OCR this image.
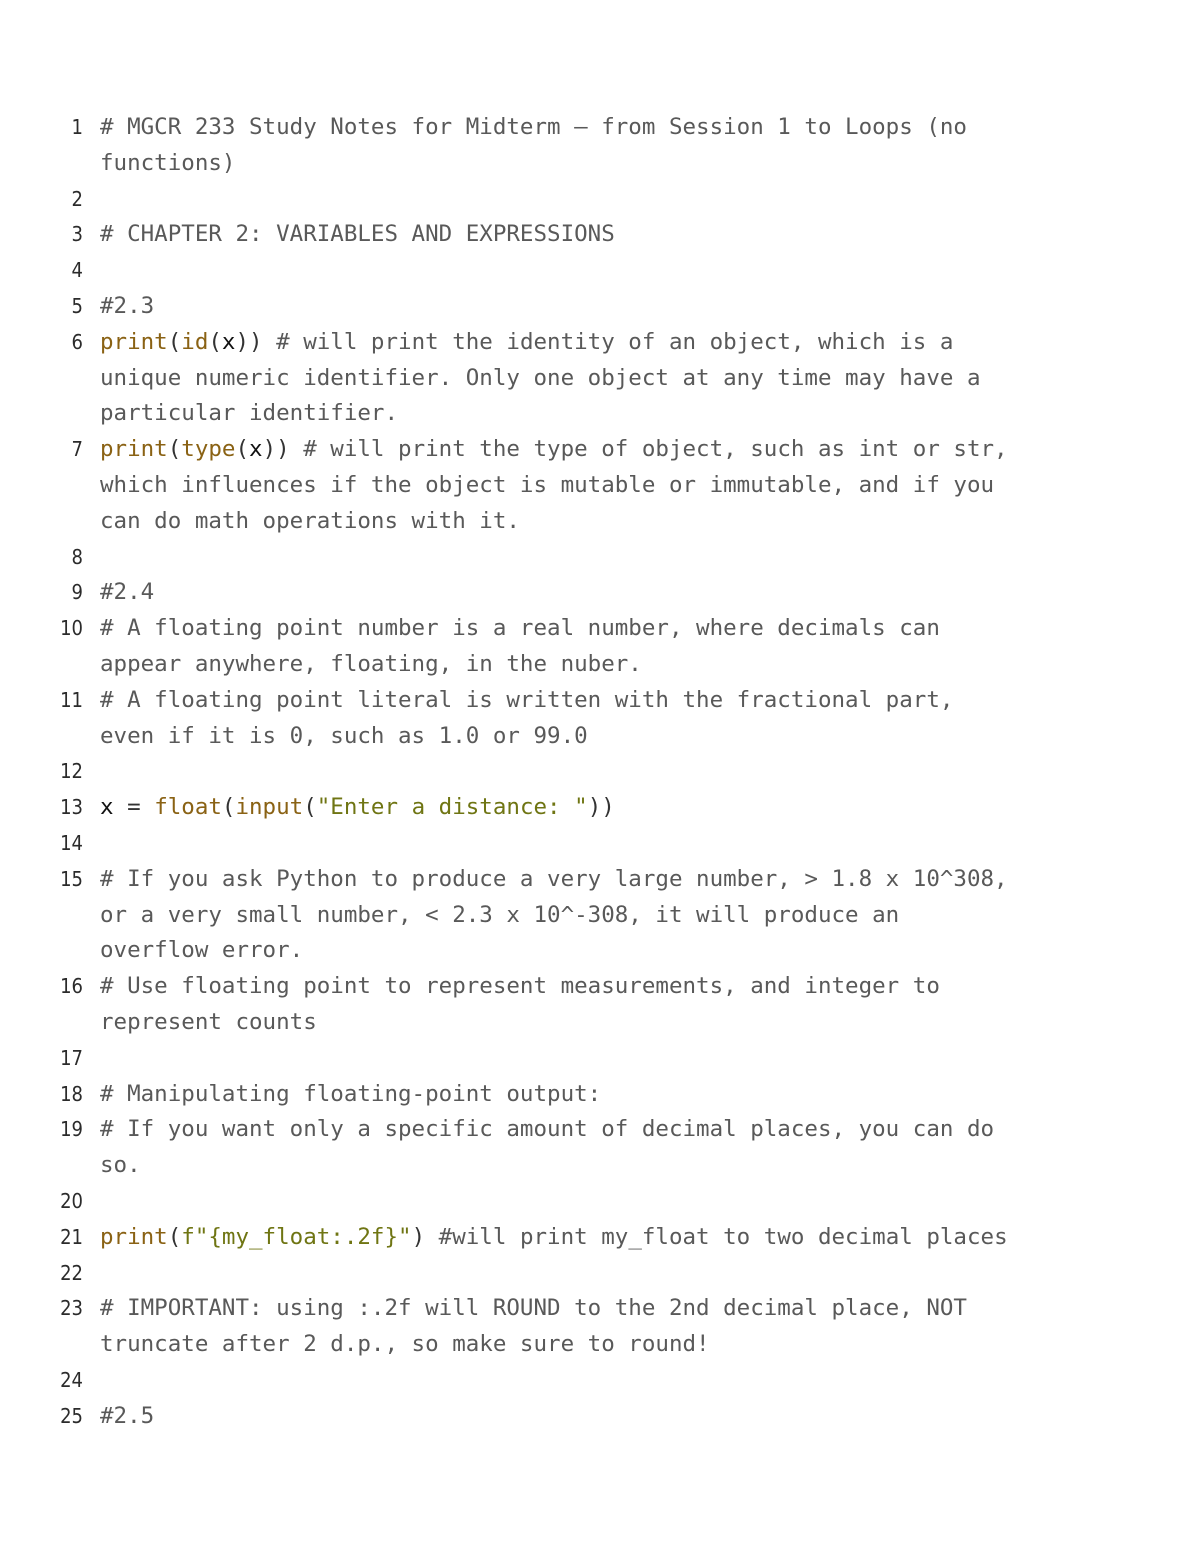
1 # MGCR 233 Study Notes for Midterm – from Session 1 to Loops (no
functions)
2
3 # CHAPTER 2: VARIABLES AND EXPRESSIONS
4
5 #2.3
6 print(id(x)) # will print the identity of an object, which is a
unique numeric identifier. Only one object at any time may have a
particular identifier.
7 print(type(x)) # will print the type of object, such as int or str,
which influences if the object is mutable or immutable, and if you
can do math operations with it.
8
9 #2.4
10 # A floating point number is a real number, where decimals can
appear anywhere, floating, in the nuber.
11 # A floating point literal is written with the fractional part,
even if it is 0, such as 1.0 or 99.0
12
13 x = float(input("Enter a distance: "))
14
15 # If you ask Python to produce a very large number, > 1.8 x 10^308,
or a very small number, < 2.3 x 10^-308, it will produce an
overflow error.
16 # Use floating point to represent measurements, and integer to
represent counts
17
18 # Manipulating floating-point output:
19 # If you want only a specific amount of decimal places, you can do
so.
20
21 print(f"{my_float:.2f}") #will print my_float to two decimal places
22
23 # IMPORTANT: using :.2f will ROUND to the 2nd decimal place, NOT
truncate after 2 d.p., so make sure to round!
24
25 #2.5
